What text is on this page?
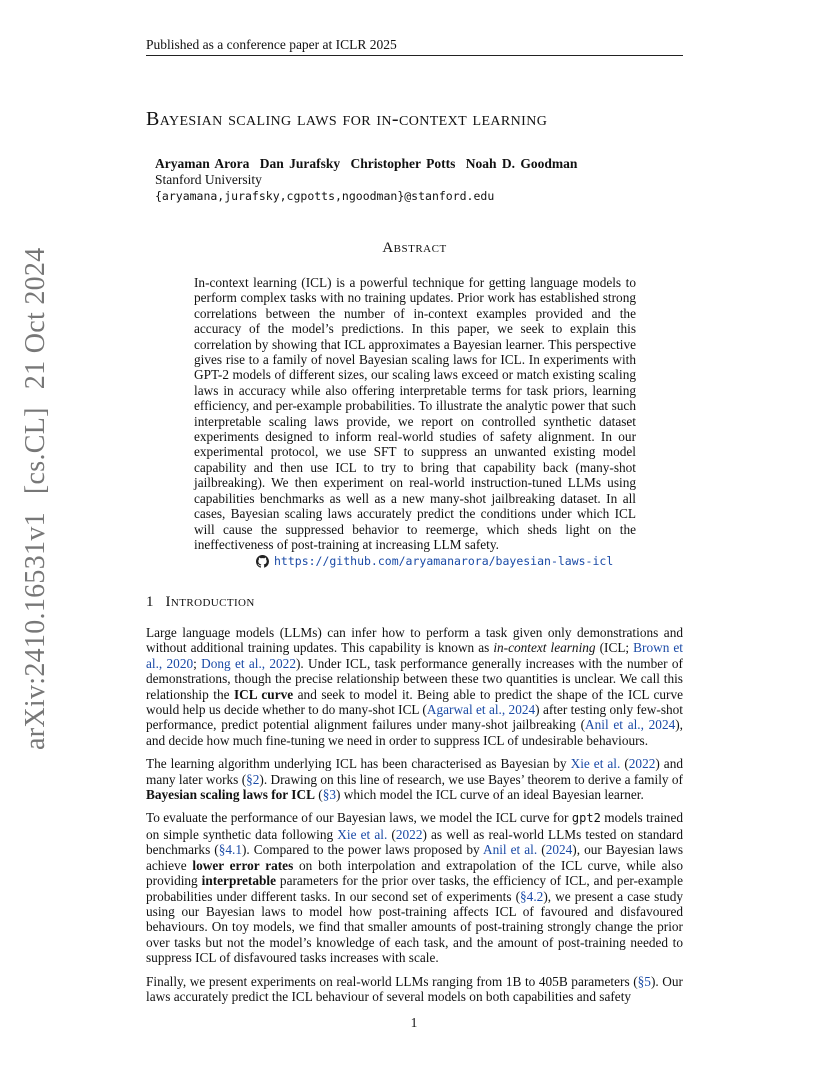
Published as a conference paper at ICLR 2025
arXiv:2410.16531v1[cs.CL]21 Oct 2024
Bayesian scaling laws for in-context learning
Aryaman Arora Dan Jurafsky Christopher Potts Noah D. Goodman
Stanford University
{aryamana,jurafsky,cgpotts,ngoodman}@stanford.edu
Abstract
In-context learning (ICL) is a powerful technique for getting language models to perform complex tasks with no training updates. Prior work has established strong correlations between the number of in-context examples provided and the accuracy of the model’s predictions. In this paper, we seek to explain this correlation by showing that ICL approximates a Bayesian learner. This perspective gives rise to a family of novel Bayesian scaling laws for ICL. In experiments with GPT-2 models of different sizes, our scaling laws exceed or match existing scaling laws in accuracy while also offering interpretable terms for task priors, learning efficiency, and per-example probabilities. To illustrate the analytic power that such interpretable scaling laws provide, we report on controlled synthetic dataset experiments designed to inform real-world studies of safety alignment. In our experimental protocol, we use SFT to suppress an unwanted existing model capability and then use ICL to try to bring that capability back (many-shot jailbreaking). We then experiment on real-world instruction-tuned LLMs using capabilities benchmarks as well as a new many-shot jailbreaking dataset. In all cases, Bayesian scaling laws accurately predict the conditions under which ICL will cause the suppressed behavior to reemerge, which sheds light on the ineffectiveness of post-training at increasing LLM safety.
https://github.com/aryamanarora/bayesian-laws-icl
1 Introduction

Large language models (LLMs) can infer how to perform a task given only demonstrations and without additional training updates. This capability is known as in-context learning (ICL; Brown et al., 2020; Dong et al., 2022). Under ICL, task performance generally increases with the number of demonstrations, though the precise relationship between these two quantities is unclear. We call this relationship the ICL curve and seek to model it. Being able to predict the shape of the ICL curve would help us decide whether to do many-shot ICL (Agarwal et al., 2024) after testing only few-shot performance, predict potential alignment failures under many-shot jailbreaking (Anil et al., 2024), and decide how much fine-tuning we need in order to suppress ICL of undesirable behaviours.

The learning algorithm underlying ICL has been characterised as Bayesian by Xie et al. (2022) and many later works (§2). Drawing on this line of research, we use Bayes’ theorem to derive a family of Bayesian scaling laws for ICL (§3) which model the ICL curve of an ideal Bayesian learner.

To evaluate the performance of our Bayesian laws, we model the ICL curve for gpt2 models trained on simple synthetic data following Xie et al. (2022) as well as real-world LLMs tested on standard benchmarks (§4.1). Compared to the power laws proposed by Anil et al. (2024), our Bayesian laws achieve lower error rates on both interpolation and extrapolation of the ICL curve, while also providing interpretable parameters for the prior over tasks, the efficiency of ICL, and per-example probabilities under different tasks. In our second set of experiments (§4.2), we present a case study using our Bayesian laws to model how post-training affects ICL of favoured and disfavoured behaviours. On toy models, we find that smaller amounts of post-training strongly change the prior over tasks but not the model’s knowledge of each task, and the amount of post-training needed to suppress ICL of disfavoured tasks increases with scale.

Finally, we present experiments on real-world LLMs ranging from 1B to 405B parameters (§5). Our laws accurately predict the ICL behaviour of several models on both capabilities and safety

1
